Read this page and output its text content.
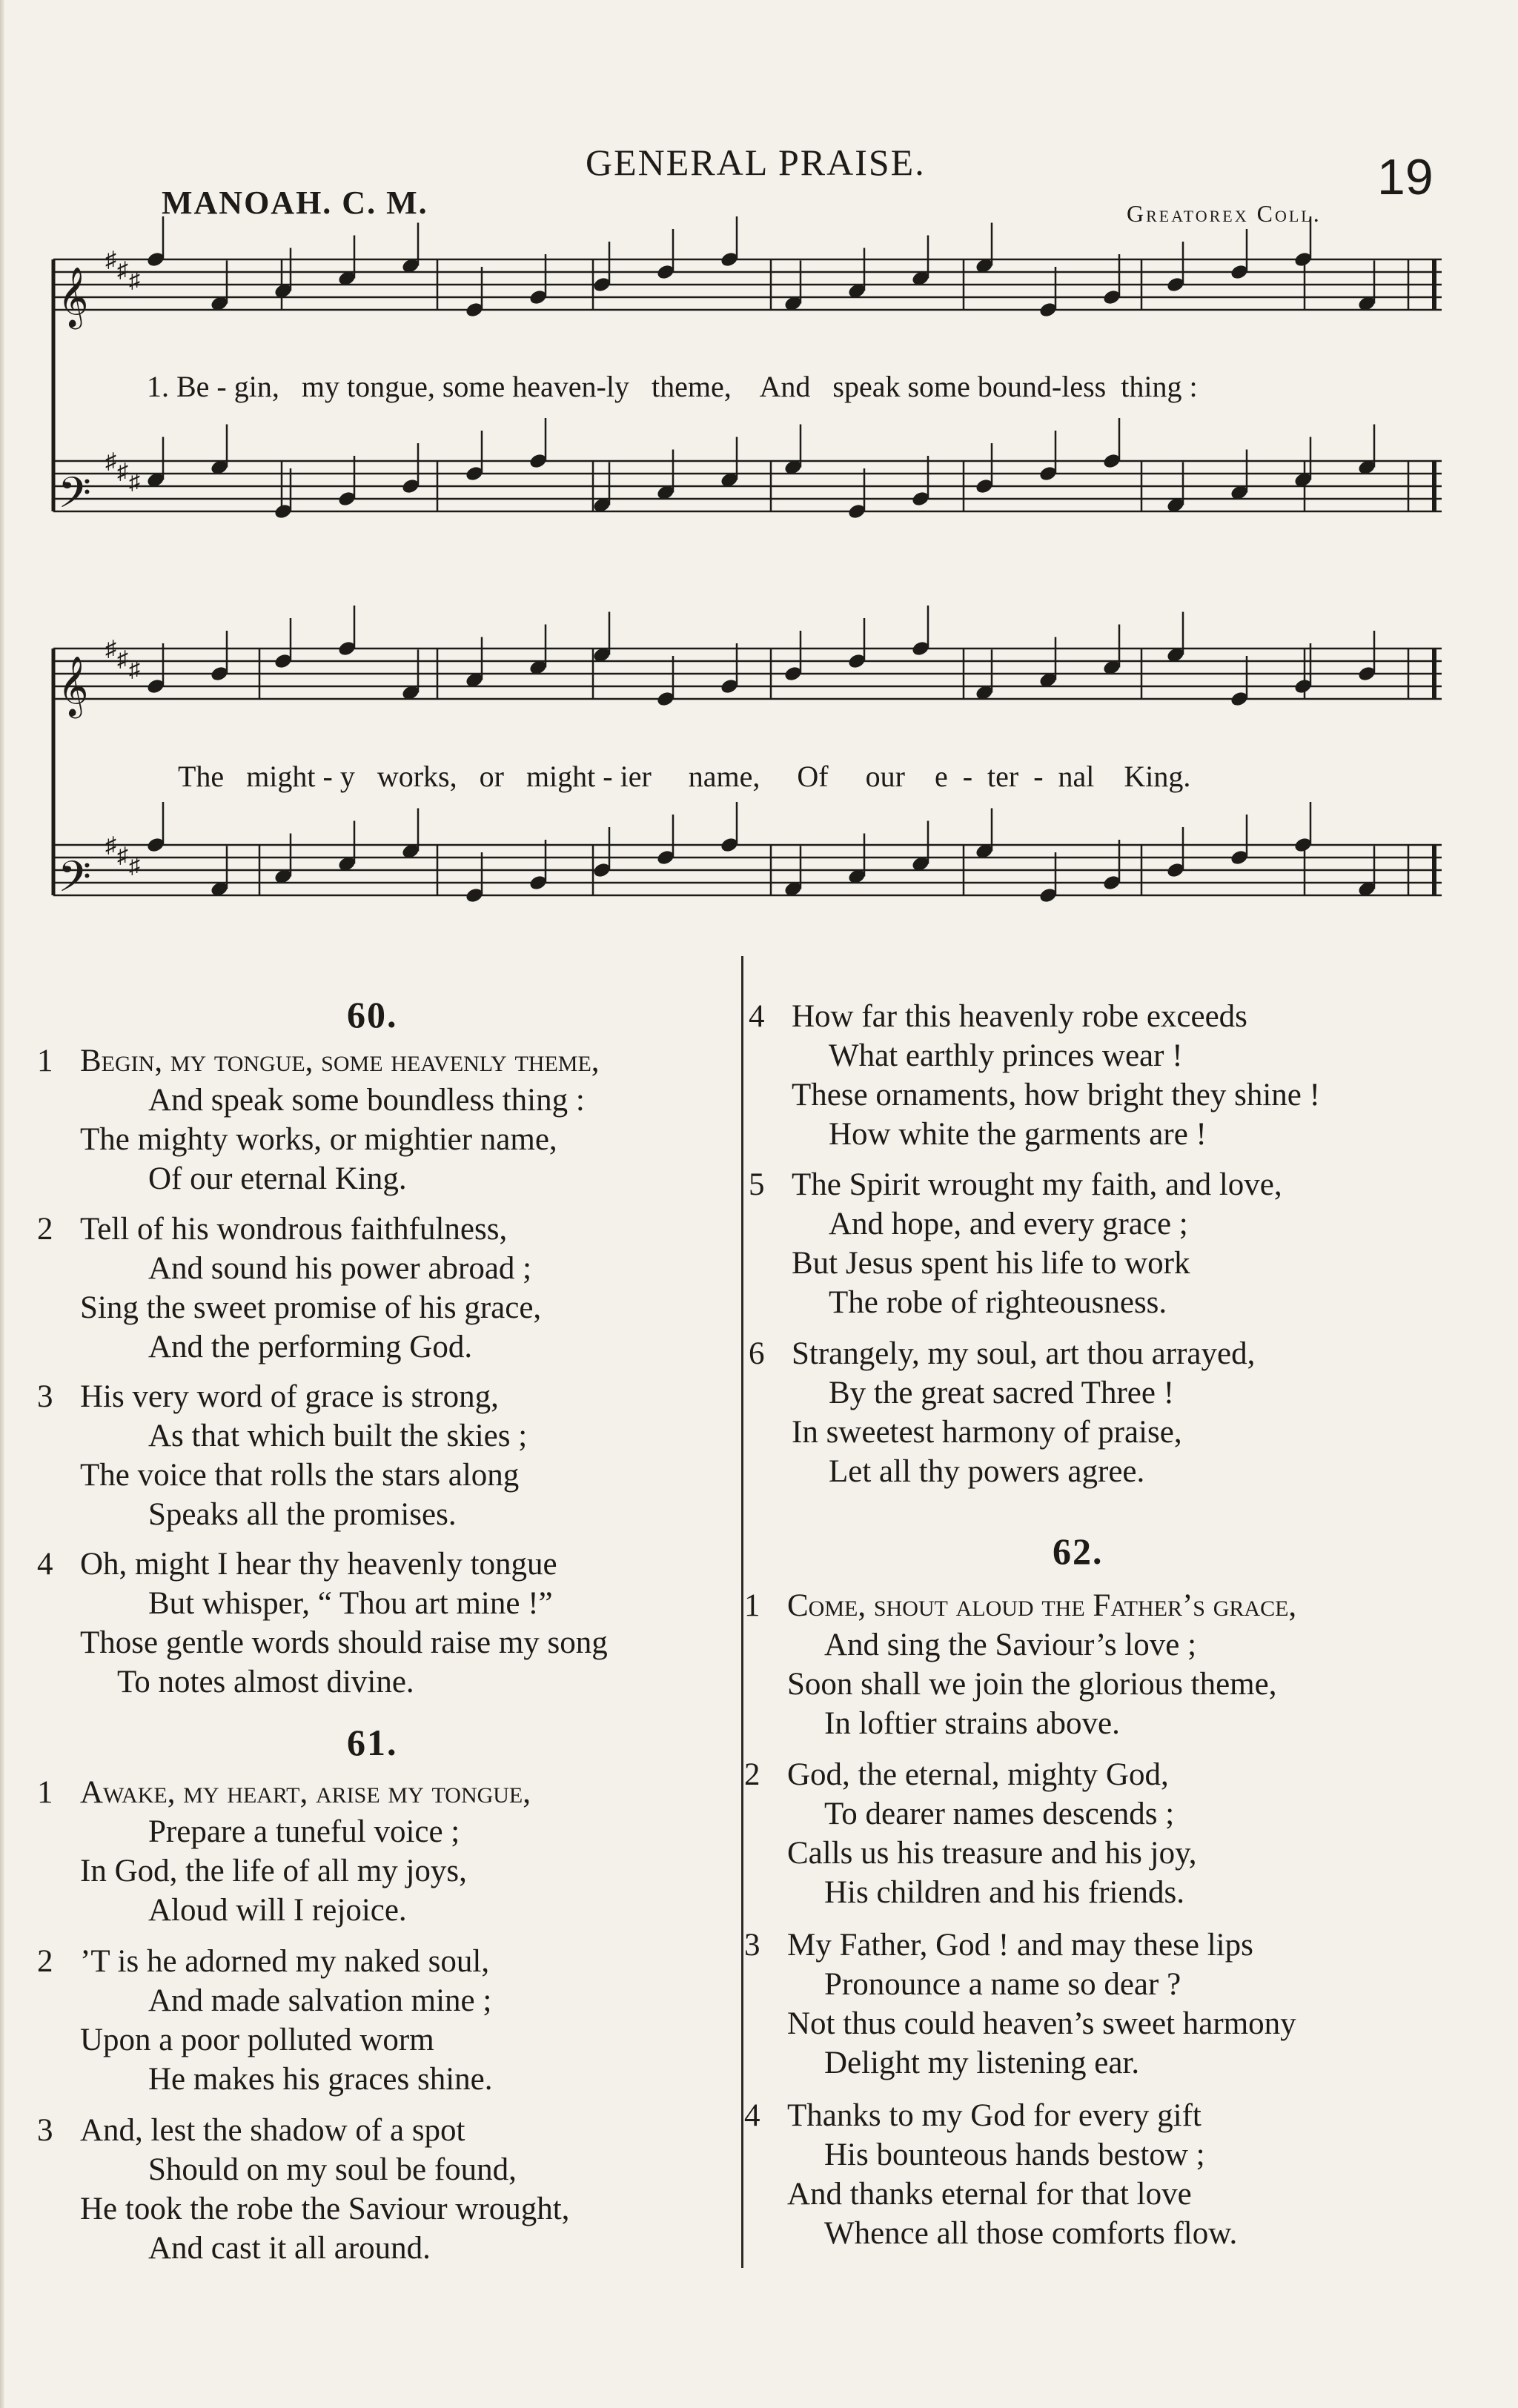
GENERAL PRAISE.	19
MANOAH. C. M.	Greatorex Coll.
𝄞
♯ ♯ ♯
𝄢
♯ ♯ ♯
𝄞
♯ ♯ ♯
𝄢
♯ ♯ ♯
1. Be - gin,   my tongue, some heaven-ly   theme,    And   speak some bound-less  thing :
The   might - y   works,   or   might - ier     name,     Of     our    e  -  ter  -  nal    King.
60.
1 Begin, my tongue, some heavenly theme,
And speak some boundless thing :
The mighty works, or mightier name,
Of our eternal King.
2 Tell of his wondrous faithfulness,
And sound his power abroad ;
Sing the sweet promise of his grace,
And the performing God.
3 His very word of grace is strong,
As that which built the skies ;
The voice that rolls the stars along
Speaks all the promises.
4 Oh, might I hear thy heavenly tongue
But whisper, “ Thou art mine !”
Those gentle words should raise my song
To notes almost divine.
61.
1 Awake, my heart, arise my tongue,
Prepare a tuneful voice ;
In God, the life of all my joys,
Aloud will I rejoice.
2 ’T is he adorned my naked soul,
And made salvation mine ;
Upon a poor polluted worm
He makes his graces shine.
3 And, lest the shadow of a spot
Should on my soul be found,
He took the robe the Saviour wrought,
And cast it all around.
4 How far this heavenly robe exceeds
What earthly princes wear !
These ornaments, how bright they shine !
How white the garments are !
5 The Spirit wrought my faith, and love,
And hope, and every grace ;
But Jesus spent his life to work
The robe of righteousness.
6 Strangely, my soul, art thou arrayed,
By the great sacred Three !
In sweetest harmony of praise,
Let all thy powers agree.
62.
1 Come, shout aloud the Father’s grace,
And sing the Saviour’s love ;
Soon shall we join the glorious theme,
In loftier strains above.
2 God, the eternal, mighty God,
To dearer names descends ;
Calls us his treasure and his joy,
His children and his friends.
3 My Father, God ! and may these lips
Pronounce a name so dear ?
Not thus could heaven’s sweet harmony
Delight my listening ear.
4 Thanks to my God for every gift
His bounteous hands bestow ;
And thanks eternal for that love
Whence all those comforts flow.
